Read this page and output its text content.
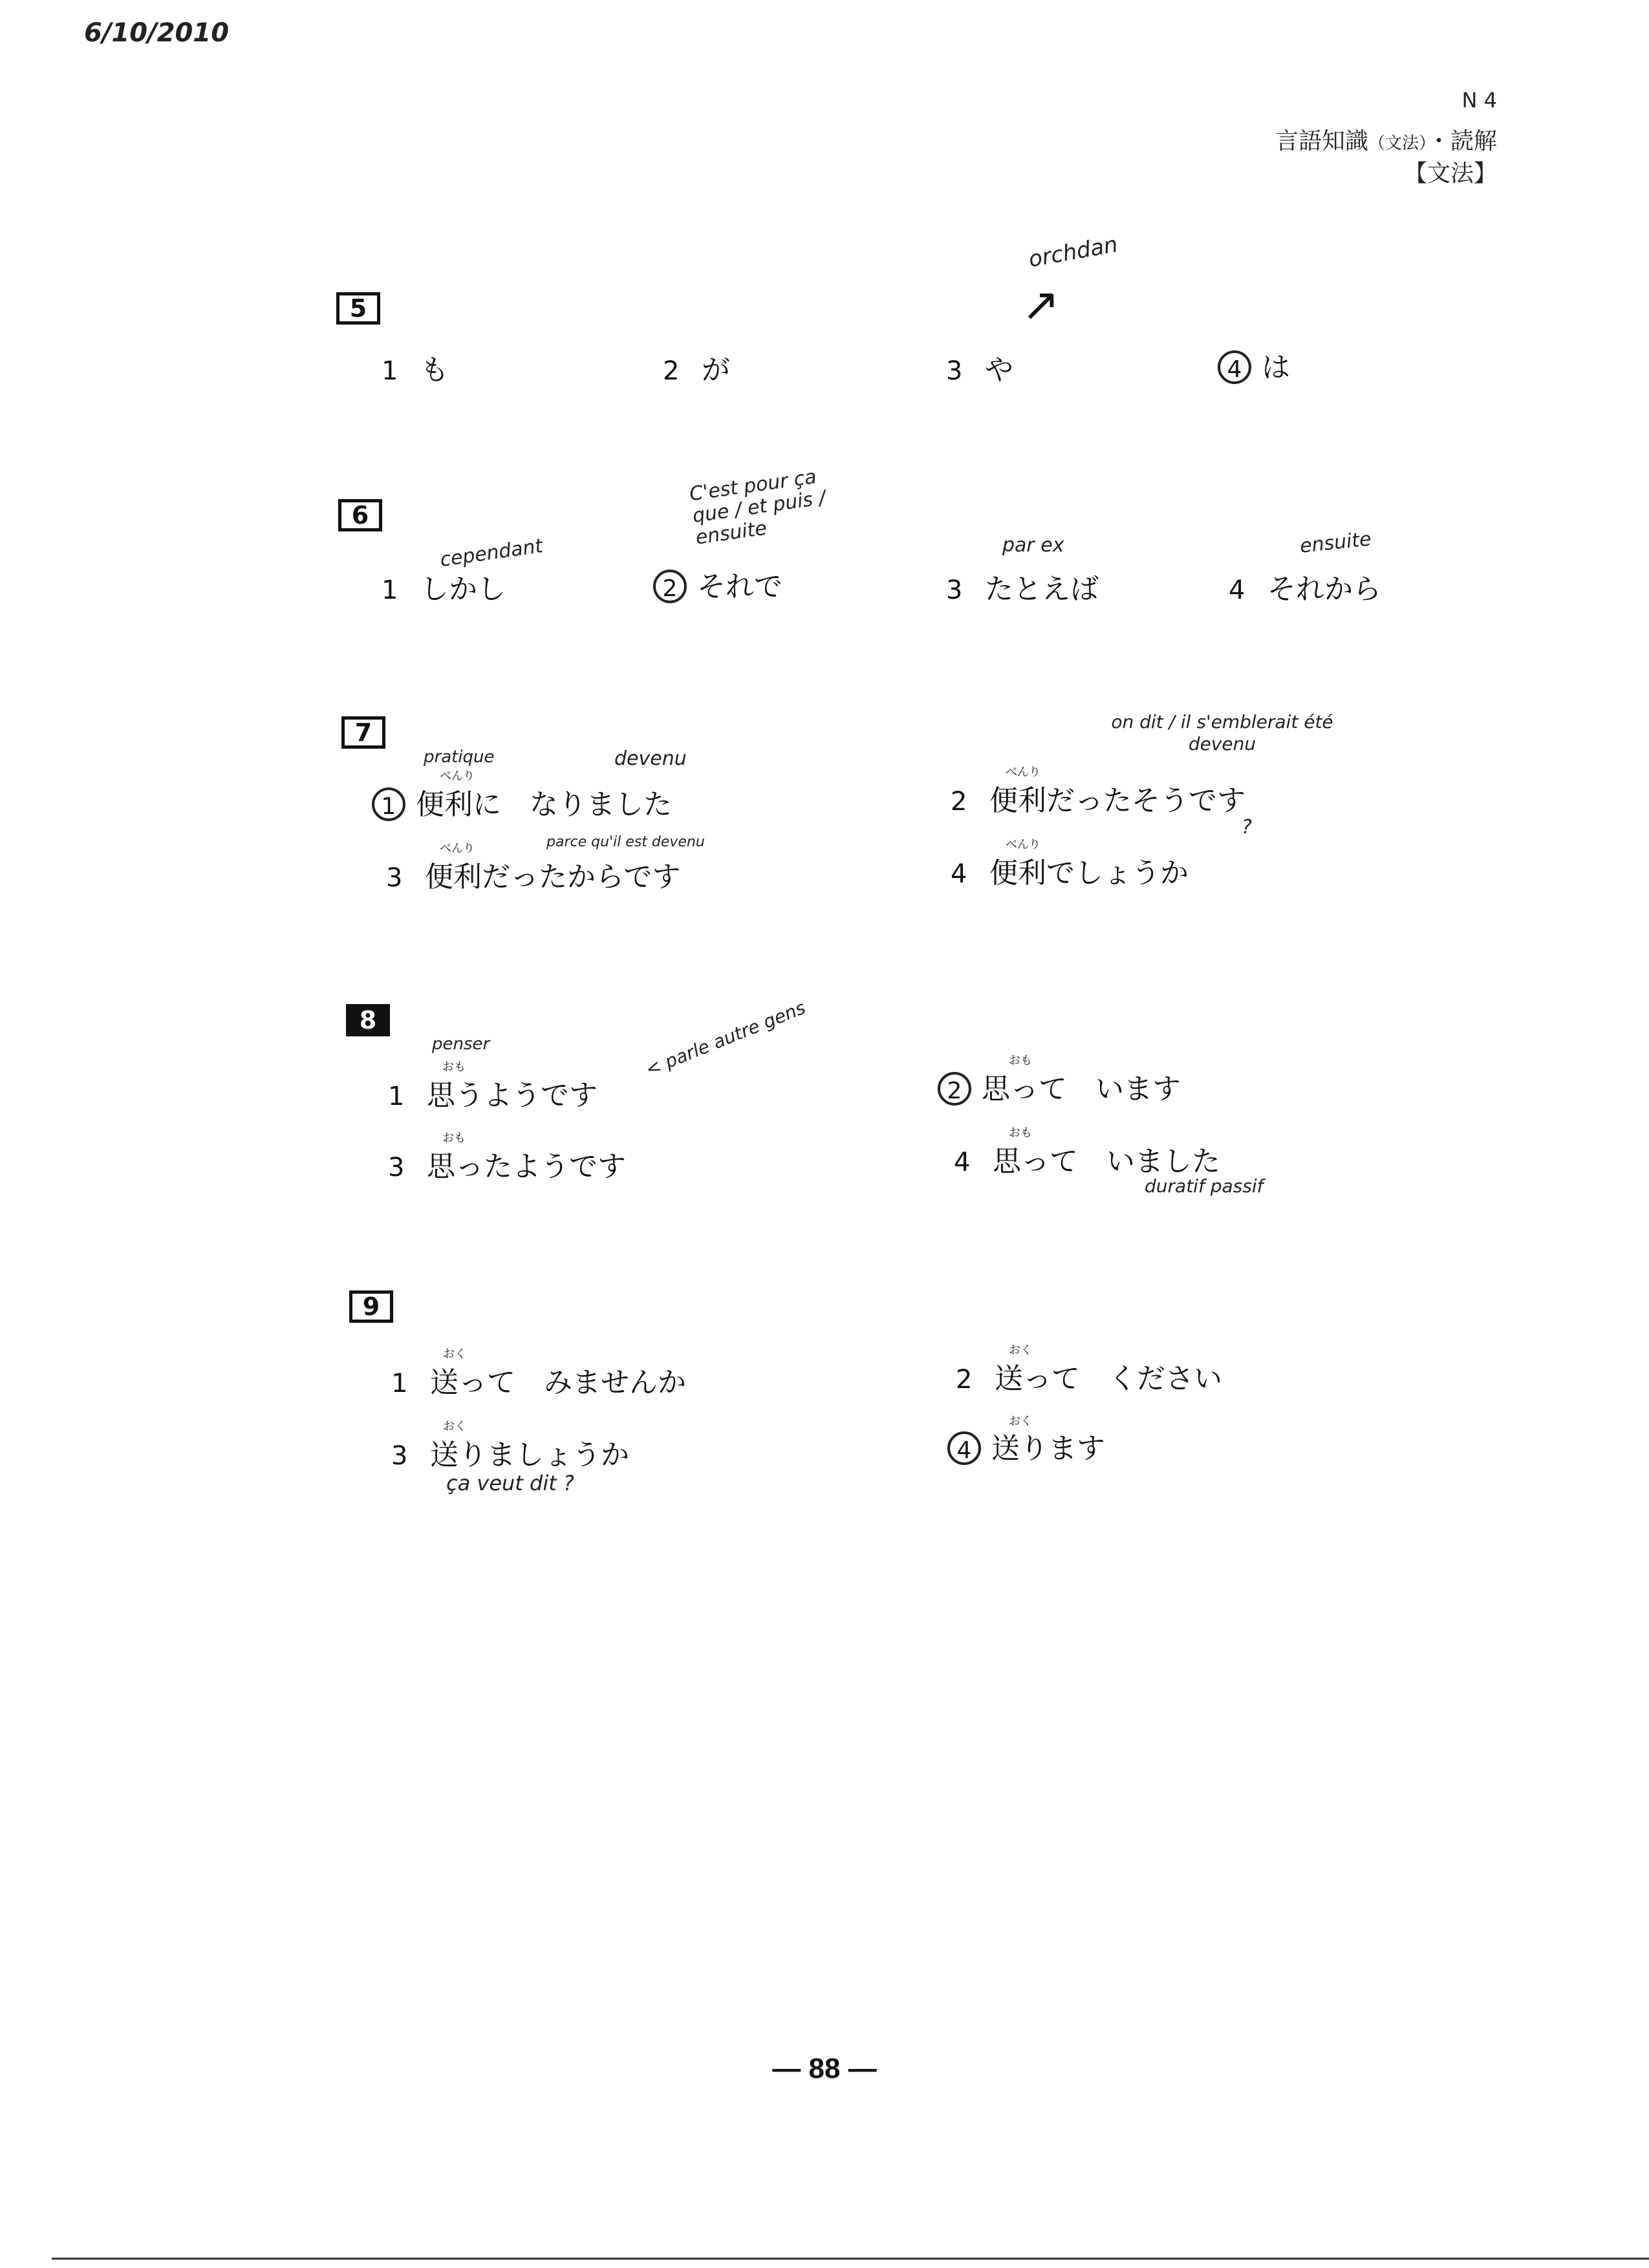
6/10/2010
N 4
言語知識（文法）・読解
【文法】
5
orchdan
↗
1 も	2 が	3 や	4 は
6
C'est pour ça que / et puis / ensuite
cependant	par ex	ensuite
1 しかし	2 それで	3 たとえば	4 それから
7
pratique	devenu
on dit / il s'emblerait été devenu
parce qu'il est devenu
?
べんり
1 便利に　なりました
べんり
2 便利だったそうです
べんり
3 便利だったからです
べんり
4 便利でしょうか
8
penser	< parle autre gens
duratif passif
おも
1 思うようです
おも
2 思って　います
おも
3 思ったようです
おも
4 思って　いました
9
おく
1 送って　みませんか
おく
2 送って　ください
おく
3 送りましょうか
ça veut dit ?
おく
4 送ります
— 88 —
